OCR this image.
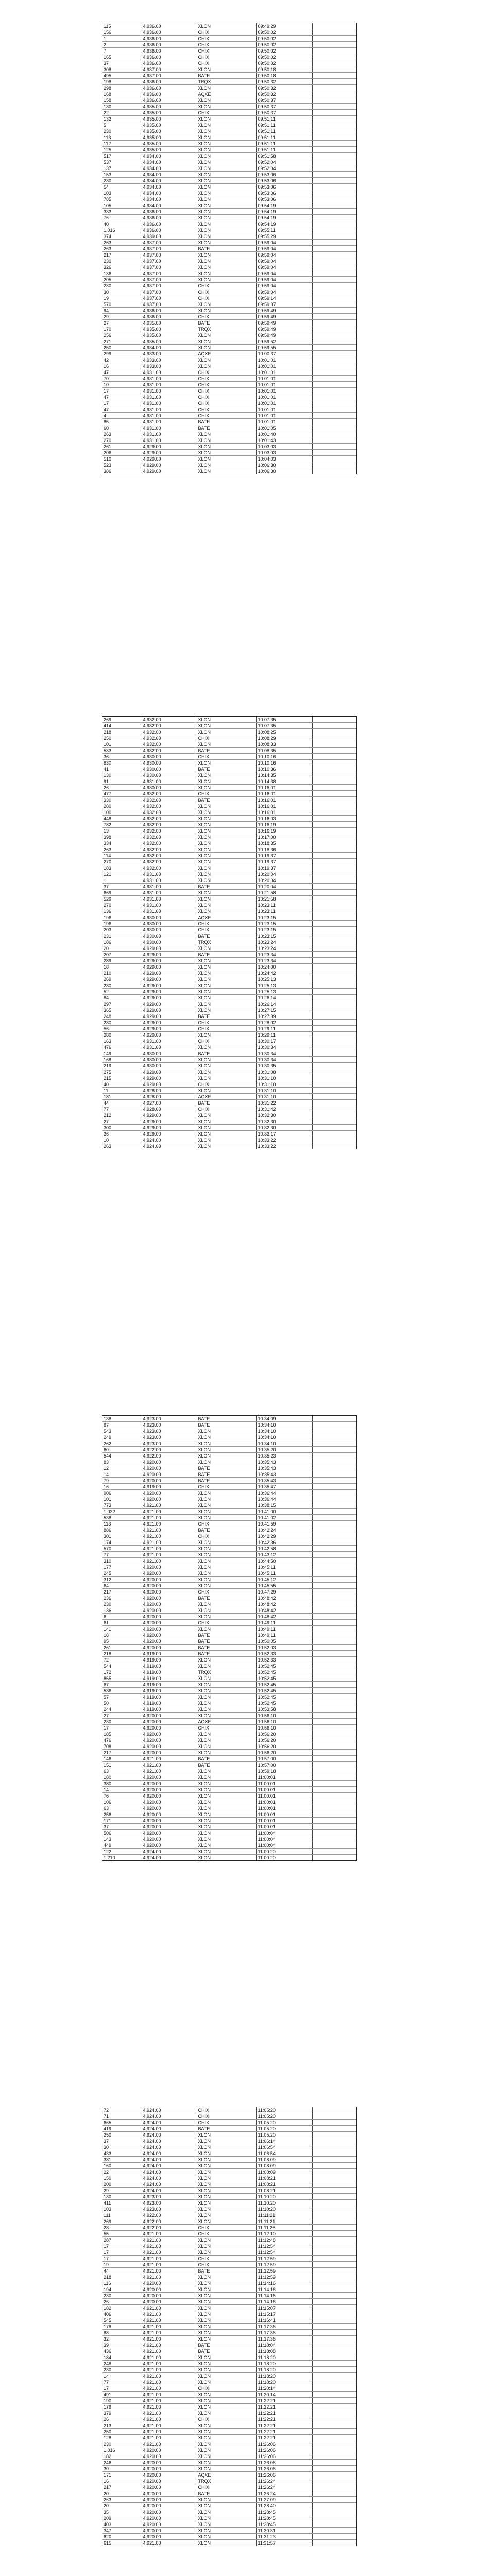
115	4,936.00	XLON	09:49:29	
156	4,936.00	CHIX	09:50:02	
1	4,936.00	CHIX	09:50:02	
2	4,936.00	CHIX	09:50:02	
7	4,936.00	CHIX	09:50:02	
165	4,936.00	CHIX	09:50:02	
37	4,936.00	CHIX	09:50:02	
308	4,937.00	XLON	09:50:18	
495	4,937.00	BATE	09:50:18	
198	4,936.00	TRQX	09:50:32	
298	4,936.00	XLON	09:50:32	
168	4,936.00	AQXE	09:50:32	
158	4,936.00	XLON	09:50:37	
130	4,935.00	XLON	09:50:37	
22	4,935.00	CHIX	09:50:37	
132	4,935.00	XLON	09:51:11	
5	4,935.00	XLON	09:51:11	
230	4,935.00	XLON	09:51:11	
113	4,935.00	XLON	09:51:11	
112	4,935.00	XLON	09:51:11	
125	4,935.00	XLON	09:51:11	
517	4,934.00	XLON	09:51:58	
537	4,934.00	XLON	09:52:04	
137	4,934.00	XLON	09:52:04	
153	4,934.00	XLON	09:53:06	
230	4,934.00	XLON	09:53:06	
54	4,934.00	XLON	09:53:06	
103	4,934.00	XLON	09:53:06	
785	4,934.00	XLON	09:53:06	
105	4,934.00	XLON	09:54:19	
333	4,936.00	XLON	09:54:19	
76	4,936.00	XLON	09:54:19	
40	4,936.00	XLON	09:54:19	
1,016	4,936.00	XLON	09:55:11	
374	4,939.00	XLON	09:55:29	
263	4,937.00	XLON	09:59:04	
263	4,937.00	BATE	09:59:04	
217	4,937.00	XLON	09:59:04	
230	4,937.00	XLON	09:59:04	
326	4,937.00	XLON	09:59:04	
136	4,937.00	XLON	09:59:04	
205	4,937.00	XLON	09:59:04	
230	4,937.00	CHIX	09:59:04	
30	4,937.00	CHIX	09:59:04	
19	4,937.00	CHIX	09:59:14	
570	4,937.00	XLON	09:59:37	
94	4,936.00	XLON	09:59:49	
29	4,936.00	CHIX	09:59:49	
27	4,935.00	BATE	09:59:49	
170	4,935.00	TRQX	09:59:49	
256	4,935.00	XLON	09:59:49	
271	4,935.00	XLON	09:59:52	
250	4,934.00	XLON	09:59:55	
299	4,933.00	AQXE	10:00:37	
42	4,933.00	XLON	10:01:01	
16	4,933.00	XLON	10:01:01	
47	4,931.00	CHIX	10:01:01	
70	4,931.00	CHIX	10:01:01	
10	4,931.00	CHIX	10:01:01	
17	4,931.00	CHIX	10:01:01	
47	4,931.00	CHIX	10:01:01	
17	4,931.00	CHIX	10:01:01	
47	4,931.00	CHIX	10:01:01	
4	4,931.00	CHIX	10:01:01	
85	4,931.00	BATE	10:01:01	
60	4,931.00	BATE	10:01:05	
263	4,931.00	XLON	10:01:40	
270	4,931.00	XLON	10:01:43	
261	4,929.00	XLON	10:03:03	
206	4,929.00	XLON	10:03:03	
510	4,929.00	XLON	10:04:03	
523	4,929.00	XLON	10:06:30	
386	4,929.00	XLON	10:06:30	
269	4,932.00	XLON	10:07:35	
414	4,932.00	XLON	10:07:35	
218	4,932.00	XLON	10:08:25	
250	4,932.00	CHIX	10:08:29	
101	4,932.00	XLON	10:08:33	
533	4,932.00	BATE	10:08:35	
36	4,930.00	CHIX	10:10:16	
830	4,930.00	XLON	10:10:16	
41	4,930.00	BATE	10:10:36	
130	4,930.00	XLON	10:14:35	
91	4,931.00	XLON	10:14:38	
26	4,930.00	XLON	10:16:01	
477	4,932.00	CHIX	10:16:01	
330	4,932.00	BATE	10:16:01	
280	4,932.00	XLON	10:16:01	
100	4,932.00	XLON	10:16:01	
448	4,932.00	XLON	10:16:03	
782	4,932.00	XLON	10:16:19	
13	4,932.00	XLON	10:16:19	
398	4,932.00	XLON	10:17:00	
334	4,932.00	XLON	10:18:35	
263	4,932.00	XLON	10:18:36	
114	4,932.00	XLON	10:19:37	
270	4,932.00	XLON	10:19:37	
183	4,932.00	XLON	10:19:37	
121	4,931.00	XLON	10:20:04	
1	4,931.00	XLON	10:20:04	
37	4,931.00	BATE	10:20:04	
669	4,931.00	XLON	10:21:58	
529	4,931.00	XLON	10:21:58	
270	4,931.00	XLON	10:23:11	
136	4,931.00	XLON	10:23:11	
196	4,930.00	AQXE	10:23:15	
196	4,930.00	CHIX	10:23:15	
203	4,930.00	CHIX	10:23:15	
231	4,930.00	BATE	10:23:15	
186	4,930.00	TRQX	10:23:24	
20	4,929.00	XLON	10:23:24	
207	4,929.00	BATE	10:23:34	
289	4,929.00	XLON	10:23:34	
18	4,929.00	XLON	10:24:00	
210	4,929.00	XLON	10:24:42	
269	4,929.00	XLON	10:25:13	
230	4,929.00	XLON	10:25:13	
52	4,929.00	XLON	10:25:13	
84	4,929.00	XLON	10:26:14	
297	4,929.00	XLON	10:26:14	
365	4,929.00	XLON	10:27:15	
248	4,929.00	BATE	10:27:39	
230	4,929.00	CHIX	10:28:02	
56	4,929.00	CHIX	10:29:11	
280	4,929.00	XLON	10:29:11	
163	4,931.00	CHIX	10:30:17	
476	4,931.00	XLON	10:30:34	
149	4,930.00	BATE	10:30:34	
168	4,930.00	XLON	10:30:34	
219	4,930.00	XLON	10:30:35	
275	4,929.00	XLON	10:31:08	
215	4,929.00	XLON	10:31:10	
40	4,929.00	CHIX	10:31:10	
11	4,928.00	XLON	10:31:10	
181	4,928.00	AQXE	10:31:10	
44	4,927.00	BATE	10:31:22	
77	4,928.00	CHIX	10:31:42	
212	4,929.00	XLON	10:32:30	
27	4,929.00	XLON	10:32:30	
300	4,929.00	XLON	10:32:30	
36	4,929.00	XLON	10:33:17	
10	4,924.00	XLON	10:33:22	
263	4,924.00	XLON	10:33:22	
138	4,923.00	BATE	10:34:09	
87	4,923.00	BATE	10:34:10	
543	4,923.00	XLON	10:34:10	
249	4,923.00	XLON	10:34:10	
262	4,923.00	XLON	10:34:10	
60	4,922.00	XLON	10:35:20	
544	4,922.00	XLON	10:35:23	
83	4,920.00	XLON	10:35:43	
12	4,920.00	BATE	10:35:43	
14	4,920.00	BATE	10:35:43	
79	4,920.00	BATE	10:35:43	
16	4,919.00	CHIX	10:35:47	
906	4,920.00	XLON	10:36:44	
101	4,920.00	XLON	10:36:44	
773	4,921.00	XLON	10:38:15	
1,032	4,921.00	XLON	10:41:00	
538	4,921.00	XLON	10:41:02	
113	4,921.00	CHIX	10:41:59	
886	4,921.00	BATE	10:42:24	
301	4,921.00	CHIX	10:42:29	
174	4,921.00	XLON	10:42:36	
570	4,921.00	XLON	10:42:58	
77	4,921.00	XLON	10:43:12	
310	4,921.00	XLON	10:44:50	
177	4,920.00	XLON	10:45:11	
245	4,920.00	XLON	10:45:11	
312	4,920.00	XLON	10:45:12	
64	4,920.00	XLON	10:45:55	
217	4,920.00	CHIX	10:47:29	
236	4,920.00	BATE	10:48:42	
230	4,920.00	XLON	10:48:42	
136	4,920.00	XLON	10:48:42	
6	4,920.00	XLON	10:48:42	
61	4,920.00	CHIX	10:49:11	
141	4,920.00	XLON	10:49:11	
18	4,920.00	BATE	10:49:11	
95	4,920.00	BATE	10:50:05	
261	4,920.00	BATE	10:52:03	
218	4,919.00	BATE	10:52:33	
72	4,919.00	XLON	10:52:33	
544	4,919.00	XLON	10:52:45	
172	4,919.00	TRQX	10:52:45	
865	4,919.00	XLON	10:52:45	
67	4,919.00	XLON	10:52:45	
536	4,919.00	XLON	10:52:45	
57	4,919.00	XLON	10:52:45	
50	4,919.00	XLON	10:52:45	
244	4,919.00	XLON	10:53:58	
27	4,920.00	XLON	10:56:10	
230	4,920.00	AQXE	10:56:10	
17	4,920.00	CHIX	10:56:10	
185	4,920.00	XLON	10:56:20	
476	4,920.00	XLON	10:56:20	
708	4,920.00	XLON	10:56:20	
217	4,920.00	XLON	10:56:20	
146	4,921.00	BATE	10:57:00	
151	4,921.00	BATE	10:57:00	
63	4,921.00	XLON	10:59:18	
180	4,920.00	XLON	11:00:01	
380	4,920.00	XLON	11:00:01	
14	4,920.00	XLON	11:00:01	
76	4,920.00	XLON	11:00:01	
106	4,920.00	XLON	11:00:01	
63	4,920.00	XLON	11:00:01	
256	4,920.00	XLON	11:00:01	
171	4,920.00	XLON	11:00:01	
37	4,920.00	XLON	11:00:01	
506	4,920.00	XLON	11:00:04	
143	4,920.00	XLON	11:00:04	
449	4,920.00	XLON	11:00:04	
122	4,924.00	XLON	11:00:20	
1,210	4,924.00	XLON	11:00:20	
72	4,924.00	CHIX	11:05:20	
71	4,924.00	CHIX	11:05:20	
665	4,924.00	CHIX	11:05:20	
419	4,924.00	BATE	11:05:20	
250	4,924.00	XLON	11:05:20	
37	4,924.00	XLON	11:06:14	
30	4,924.00	XLON	11:06:54	
433	4,924.00	XLON	11:06:54	
381	4,924.00	XLON	11:08:09	
160	4,924.00	XLON	11:08:09	
22	4,924.00	XLON	11:08:09	
150	4,924.00	XLON	11:08:21	
200	4,924.00	XLON	11:08:21	
29	4,924.00	XLON	11:08:21	
130	4,923.00	XLON	11:10:20	
411	4,923.00	XLON	11:10:20	
103	4,923.00	XLON	11:10:20	
111	4,922.00	XLON	11:11:21	
269	4,922.00	XLON	11:11:21	
28	4,922.00	CHIX	11:11:26	
55	4,921.00	CHIX	11:12:10	
287	4,921.00	XLON	11:12:48	
17	4,921.00	XLON	11:12:54	
17	4,921.00	XLON	11:12:54	
17	4,921.00	CHIX	11:12:59	
19	4,921.00	CHIX	11:12:59	
44	4,921.00	BATE	11:12:59	
218	4,921.00	XLON	11:12:59	
116	4,920.00	XLON	11:14:16	
194	4,920.00	XLON	11:14:16	
230	4,920.00	XLON	11:14:16	
26	4,920.00	XLON	11:14:16	
182	4,921.00	XLON	11:15:07	
406	4,921.00	XLON	11:15:17	
545	4,921.00	XLON	11:16:41	
178	4,921.00	XLON	11:17:36	
88	4,921.00	XLON	11:17:36	
32	4,921.00	XLON	11:17:36	
39	4,921.00	BATE	11:18:04	
436	4,921.00	BATE	11:18:08	
184	4,921.00	XLON	11:18:20	
248	4,921.00	XLON	11:18:20	
230	4,921.00	XLON	11:18:20	
14	4,921.00	XLON	11:18:20	
77	4,921.00	XLON	11:18:20	
17	4,921.00	CHIX	11:20:14	
491	4,921.00	XLON	11:20:14	
190	4,921.00	XLON	11:22:21	
179	4,921.00	XLON	11:22:21	
379	4,921.00	XLON	11:22:21	
26	4,921.00	CHIX	11:22:21	
213	4,921.00	XLON	11:22:21	
250	4,921.00	XLON	11:22:21	
128	4,921.00	XLON	11:22:21	
230	4,921.00	XLON	11:26:06	
1,016	4,920.00	XLON	11:26:06	
182	4,920.00	XLON	11:26:06	
246	4,920.00	XLON	11:26:06	
30	4,920.00	XLON	11:26:06	
171	4,920.00	AQXE	11:26:06	
16	4,920.00	TRQX	11:26:24	
217	4,920.00	CHIX	11:26:24	
20	4,920.00	BATE	11:26:24	
263	4,920.00	XLON	11:27:09	
20	4,920.00	XLON	11:28:40	
35	4,920.00	XLON	11:28:45	
209	4,920.00	XLON	11:28:45	
403	4,920.00	XLON	11:28:45	
347	4,920.00	XLON	11:30:31	
620	4,920.00	XLON	11:31:23	
615	4,921.00	XLON	11:31:57	
